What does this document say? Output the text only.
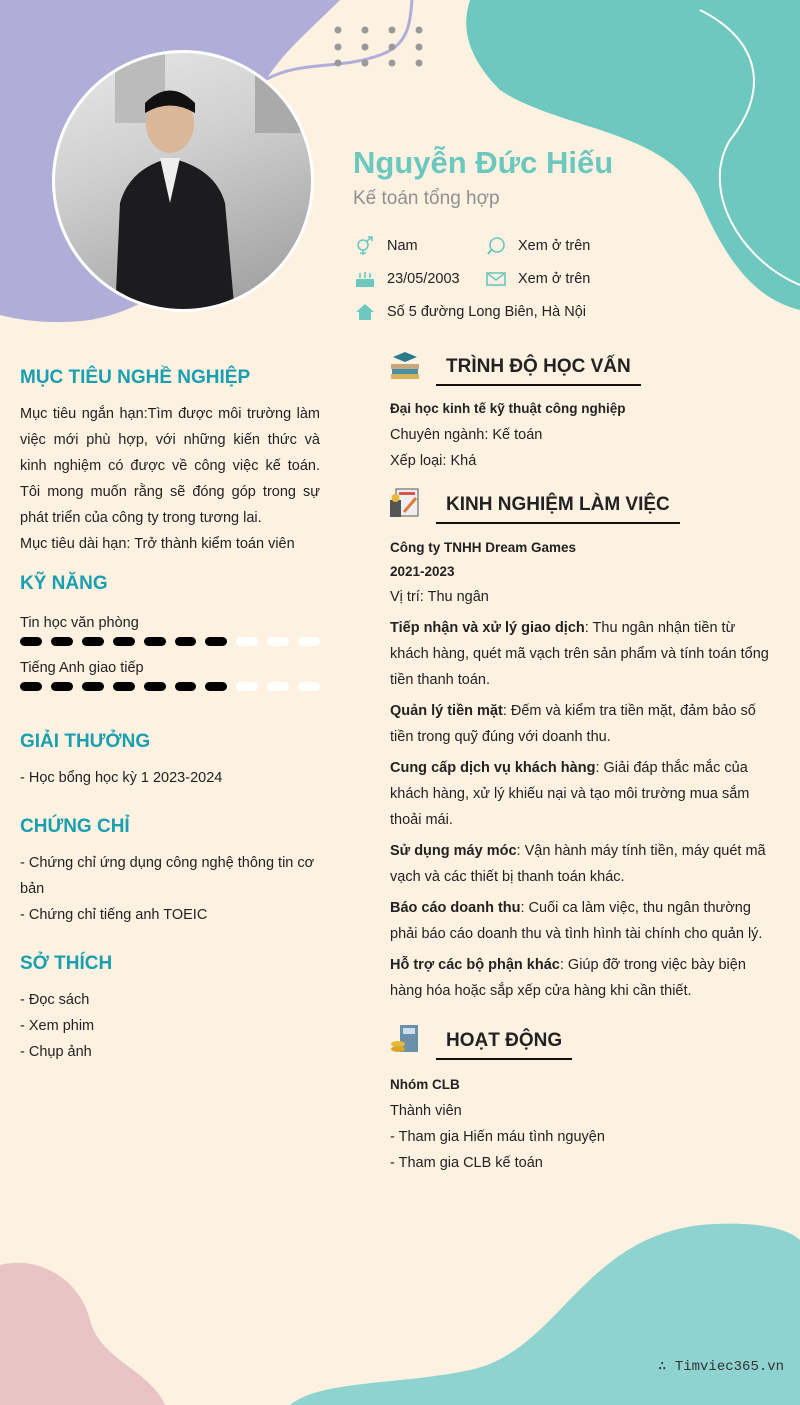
Nguyễn Đức Hiếu
Kế toán tổng hợp
Nam	Xem ở trên
23/05/2003	Xem ở trên
Số 5 đường Long Biên, Hà Nội
MỤC TIÊU NGHỀ NGHIỆP
Mục tiêu ngắn hạn:Tìm được môi trường làm việc mới phù hợp, với những kiến thức và kinh nghiệm có được về công việc kế toán. Tôi mong muốn rằng sẽ đóng góp trong sự phát triển của công ty trong tương lai.
Mục tiêu dài hạn: Trở thành kiểm toán viên
KỸ NĂNG
Tin học văn phòng
Tiếng Anh giao tiếp
GIẢI THƯỞNG
- Học bổng học kỳ 1 2023-2024
CHỨNG CHỈ
- Chứng chỉ ứng dụng công nghệ thông tin cơ bản
- Chứng chỉ tiếng anh TOEIC
SỞ THÍCH
- Đọc sách
- Xem phim
- Chụp ảnh
TRÌNH ĐỘ HỌC VẤN
Đại học kinh tế kỹ thuật công nghiệp
Chuyên ngành: Kế toán
Xếp loại: Khá
KINH NGHIỆM LÀM VIỆC
Công ty TNHH Dream Games
2021-2023
Vị trí: Thu ngân
Tiếp nhận và xử lý giao dịch: Thu ngân nhận tiền từ khách hàng, quét mã vạch trên sản phẩm và tính toán tổng tiền thanh toán.
Quản lý tiền mặt: Đếm và kiểm tra tiền mặt, đảm bảo số tiền trong quỹ đúng với doanh thu.
Cung cấp dịch vụ khách hàng: Giải đáp thắc mắc của khách hàng, xử lý khiếu nại và tạo môi trường mua sắm thoải mái.
Sử dụng máy móc: Vận hành máy tính tiền, máy quét mã vạch và các thiết bị thanh toán khác.
Báo cáo doanh thu: Cuối ca làm việc, thu ngân thường phải báo cáo doanh thu và tình hình tài chính cho quản lý.
Hỗ trợ các bộ phận khác: Giúp đỡ trong việc bày biện hàng hóa hoặc sắp xếp cửa hàng khi cần thiết.
HOẠT ĐỘNG
Nhóm CLB
Thành viên
- Tham gia Hiến máu tình nguyện
- Tham gia CLB kế toán
∴ Timviec365.vn
